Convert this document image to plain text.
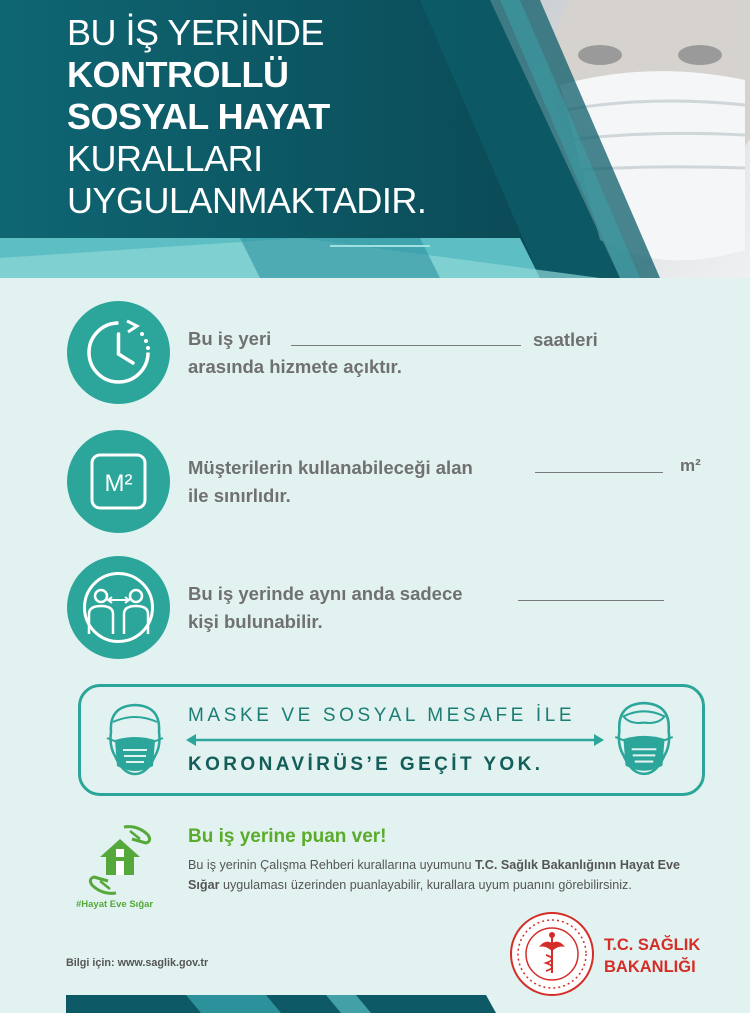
BU İŞ YERİNDE
KONTROLLÜ
SOSYAL HAYAT
KURALLARI
UYGULANMAKTADIR.
Bu iş yeri	saatleri
arasında hizmete açıktır.
M²
Müşterilerin kullanabileceği alan	m²
ile sınırlıdır.
Bu iş yerinde aynı anda sadece
kişi bulunabilir.
MASKE VE SOSYAL MESAFE İLE
KORONAVİRÜS’E GEÇİT YOK.
#Hayat Eve Sığar
Bu iş yerine puan ver!
Bu iş yerinin Çalışma Rehberi kurallarına uyumunu T.C. Sağlık Bakanlığının Hayat Eve Sığar uygulaması üzerinden puanlayabilir, kurallara uyum puanını görebilirsiniz.
Bilgi için: www.saglik.gov.tr
T.C. SAĞLIK
BAKANLIĞI
